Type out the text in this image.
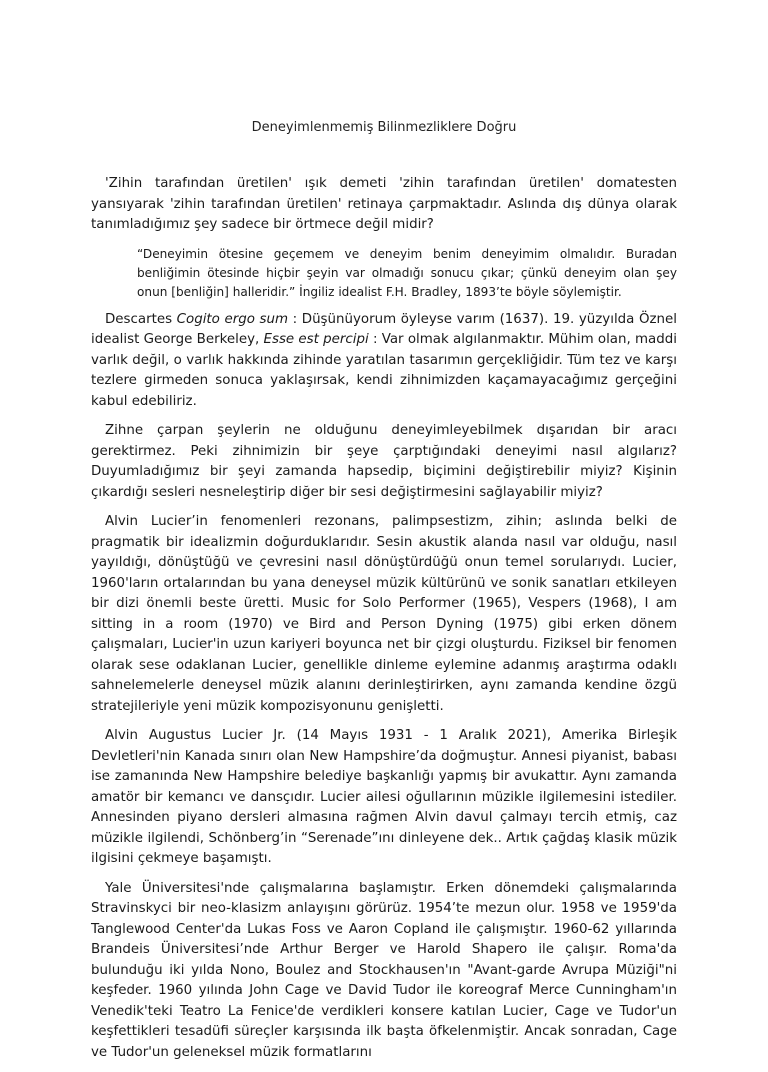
Deneyimlenmemiş Bilinmezliklere Doğru

'Zihin tarafından üretilen' ışık demeti 'zihin tarafından üretilen' domatesten yansıyarak 'zihin tarafından üretilen' retinaya çarpmaktadır. Aslında dış dünya olarak tanımladığımız şey sadece bir örtmece değil midir?

“Deneyimin ötesine geçemem ve deneyim benim deneyimim olmalıdır. Buradan benliğimin ötesinde hiçbir şeyin var olmadığı sonucu çıkar; çünkü deneyim olan şey onun [benliğin] halleridir.” İngiliz idealist F.H. Bradley, 1893’te böyle söylemiştir.

Descartes Cogito ergo sum : Düşünüyorum öyleyse varım (1637). 19. yüzyılda Öznel idealist George Berkeley, Esse est percipi : Var olmak algılanmaktır. Mühim olan, maddi varlık değil, o varlık hakkında zihinde yaratılan tasarımın gerçekliğidir. Tüm tez ve karşı tezlere girmeden sonuca yaklaşırsak, kendi zihnimizden kaçamayacağımız gerçeğini kabul edebiliriz.

Zihne çarpan şeylerin ne olduğunu deneyimleyebilmek dışarıdan bir aracı gerektirmez. Peki zihnimizin bir şeye çarptığındaki deneyimi nasıl algılarız? Duyumladığımız bir şeyi zamanda hapsedip, biçimini değiştirebilir miyiz? Kişinin çıkardığı sesleri nesneleştirip diğer bir sesi değiştirmesini sağlayabilir miyiz?

Alvin Lucier’in fenomenleri rezonans, palimpsestizm, zihin; aslında belki de pragmatik bir idealizmin doğurduklarıdır. Sesin akustik alanda nasıl var olduğu, nasıl yayıldığı, dönüştüğü ve çevresini nasıl dönüştürdüğü onun temel sorularıydı. Lucier, 1960'ların ortalarından bu yana deneysel müzik kültürünü ve sonik sanatları etkileyen bir dizi önemli beste üretti. Music for Solo Performer (1965), Vespers (1968), I am sitting in a room (1970) ve Bird and Person Dyning (1975) gibi erken dönem çalışmaları, Lucier'in uzun kariyeri boyunca net bir çizgi oluşturdu. Fiziksel bir fenomen olarak sese odaklanan Lucier, genellikle dinleme eylemine adanmış araştırma odaklı sahnelemelerle deneysel müzik alanını derinleştirirken, aynı zamanda kendine özgü stratejileriyle yeni müzik kompozisyonunu genişletti.

Alvin Augustus Lucier Jr. (14 Mayıs 1931 - 1 Aralık 2021), Amerika Birleşik Devletleri'nin Kanada sınırı olan New Hampshire’da doğmuştur. Annesi piyanist, babası ise zamanında New Hampshire belediye başkanlığı yapmış bir avukattır. Aynı zamanda amatör bir kemancı ve dansçıdır. Lucier ailesi oğullarının müzikle ilgilemesini istediler. Annesinden piyano dersleri almasına rağmen Alvin davul çalmayı tercih etmiş, caz müzikle ilgilendi, Schönberg’in “Serenade”ını dinleyene dek.. Artık çağdaş klasik müzik ilgisini çekmeye başamıştı.

Yale Üniversitesi'nde çalışmalarına başlamıştır. Erken dönemdeki çalışmalarında Stravinskyci bir neo-klasizm anlayışını görürüz. 1954’te mezun olur. 1958 ve 1959'da Tanglewood Center'da Lukas Foss ve Aaron Copland ile çalışmıştır. 1960-62 yıllarında Brandeis Üniversitesi’nde Arthur Berger ve Harold Shapero ile çalışır. Roma'da bulunduğu iki yılda Nono, Boulez and Stockhausen'ın "Avant-garde Avrupa Müziği"ni keşfeder. 1960 yılında John Cage ve David Tudor ile koreograf Merce Cunningham'ın Venedik'teki Teatro La Fenice'de verdikleri konsere katılan Lucier, Cage ve Tudor'un keşfettikleri tesadüfi süreçler karşısında ilk başta öfkelenmiştir. Ancak sonradan, Cage ve Tudor'un geleneksel müzik formatlarını
